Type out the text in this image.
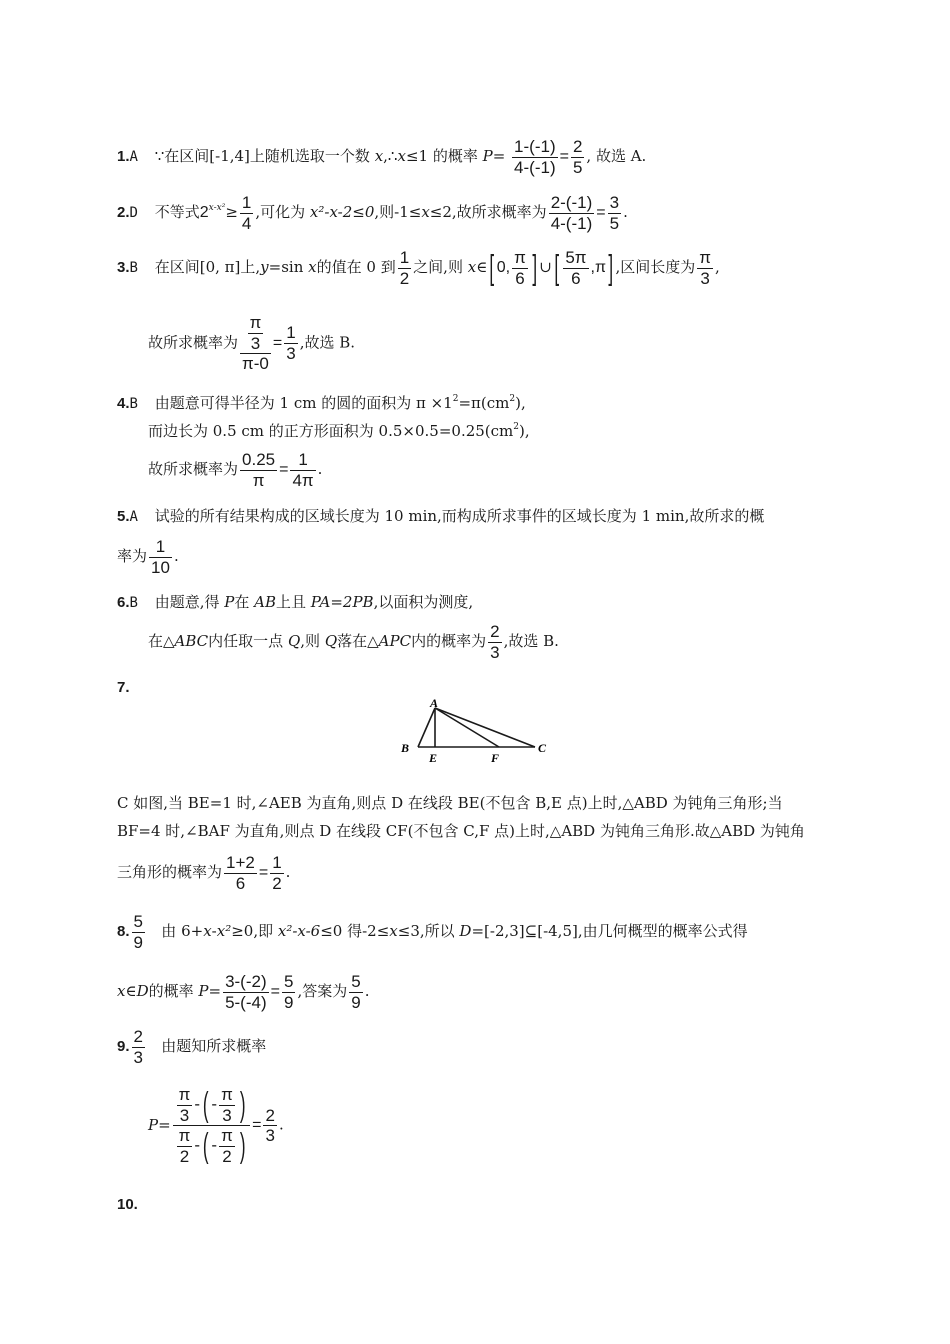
1.A ∵在区间[-1,4]上随机选取一个数 x,∴x≤1 的概率 $P= \frac{1-(-1)}{4-(-1)} = \frac{2}{5}$ , 故选 A.
2.D 不等式$2^{x-x^2}\ge \frac{1}{4}$ ,可化为 x²-x-2≤0,则-1≤x≤2,故所求概率为 $\frac{2-(-1)}{4-(-1)} = \frac{3}{5}$ .
3.B 在区间[0, π]上,y=sin x的值在 0 到 $\frac{1}{2}$ 之间,则 x∈[ 0, $\frac{\pi}{6}$ ] ∪[ $\frac{5\pi}{6} ,\pi$] ,区间长度为 $\frac{\pi}{3}$ ,
故所求概率为 $\frac{\frac{\pi}{3}}{\pi-0} = \frac{1}{3}$ ,故选 B.
4.B 由题意可得半径为 1 cm 的圆的面积为 $\pi \times 1^2=\pi(cm^2)$,
而边长为 0.5 cm 的正方形面积为 $0.5\times 0.5=0.25(cm^2)$,
故所求概率为 $\frac{0.25}{\pi} = \frac{1}{4\pi}$ .
5.A 试验的所有结果构成的区域长度为 10 min,而构成所求事件的区域长度为 1 min,故所求的概
率为 $\frac{1}{10}$ .
6.B 由题意,得 P在 AB上且 PA=2PB,以面积为测度,
在△ABC内任取一点 Q,则 Q落在△APC内的概率为 $\frac{2}{3}$ ,故选 B.
7.
A
B	C
E	F
C 如图,当 BE=1 时,∠AEB 为直角,则点 D 在线段 BE(不包含 B,E 点)上时,△ABD 为钝角三角形;当
BF=4 时,∠BAF 为直角,则点 D 在线段 CF(不包含 C,F 点)上时,△ABD 为钝角三角形.故△ABD 为钝角
三角形的概率为 $\frac{1+2}{6} = \frac{1}{2}$ .
8. $\frac{5}{9}$ 由 6+x-x²≥0,即 x²-x-6≤0 得-2≤x≤3,所以 D=[-2,3]⊆[-4,5],由几何概型的概率公式得
x∈D的概率 $P= \frac{3-(-2)}{5-(-4)} = \frac{5}{9}$ ,答案为 $\frac{5}{9}$ .
9. $\frac{2}{3}$ 由题知所求概率
$P= \frac{\frac{\pi}{3} -( - \frac{\pi}{3} )}{\frac{\pi}{2} -( - \frac{\pi}{2} )} = \frac{2}{3}$ .
10.
